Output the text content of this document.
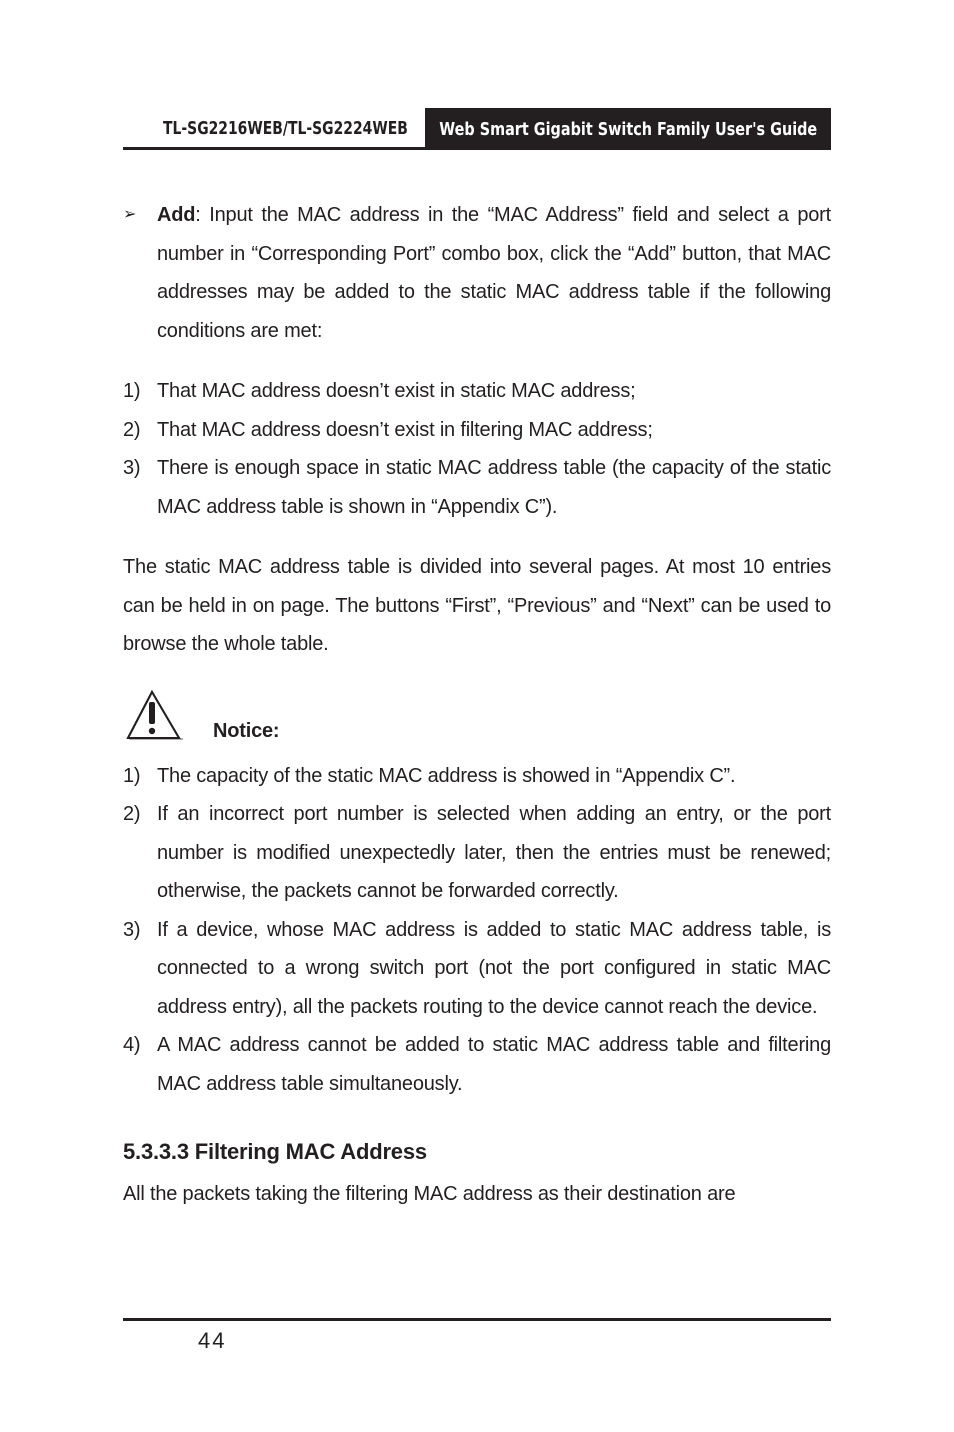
TL-SG2216WEB/TL-SG2224WEB Web Smart Gigabit Switch Family User's Guide
➢ Add: Input the MAC address in the “MAC Address” field and select a port number in “Corresponding Port” combo box, click the “Add” button, that MAC addresses may be added to the static MAC address table if the following conditions are met:

1) That MAC address doesn’t exist in static MAC address;

2) That MAC address doesn’t exist in filtering MAC address;

3) There is enough space in static MAC address table (the capacity of the static MAC address table is shown in “Appendix C”).

The static MAC address table is divided into several pages. At most 10 entries can be held in on page. The buttons “First”, “Previous” and “Next” can be used to browse the whole table.

Notice:
1) The capacity of the static MAC address is showed in “Appendix C”.

2) If an incorrect port number is selected when adding an entry, or the port number is modified unexpectedly later, then the entries must be renewed; otherwise, the packets cannot be forwarded correctly.

3) If a device, whose MAC address is added to static MAC address table, is connected to a wrong switch port (not the port configured in static MAC address entry), all the packets routing to the device cannot reach the device.

4) A MAC address cannot be added to static MAC address table and filtering MAC address table simultaneously.

5.3.3.3 Filtering MAC Address

All the packets taking the filtering MAC address as their destination are

44
